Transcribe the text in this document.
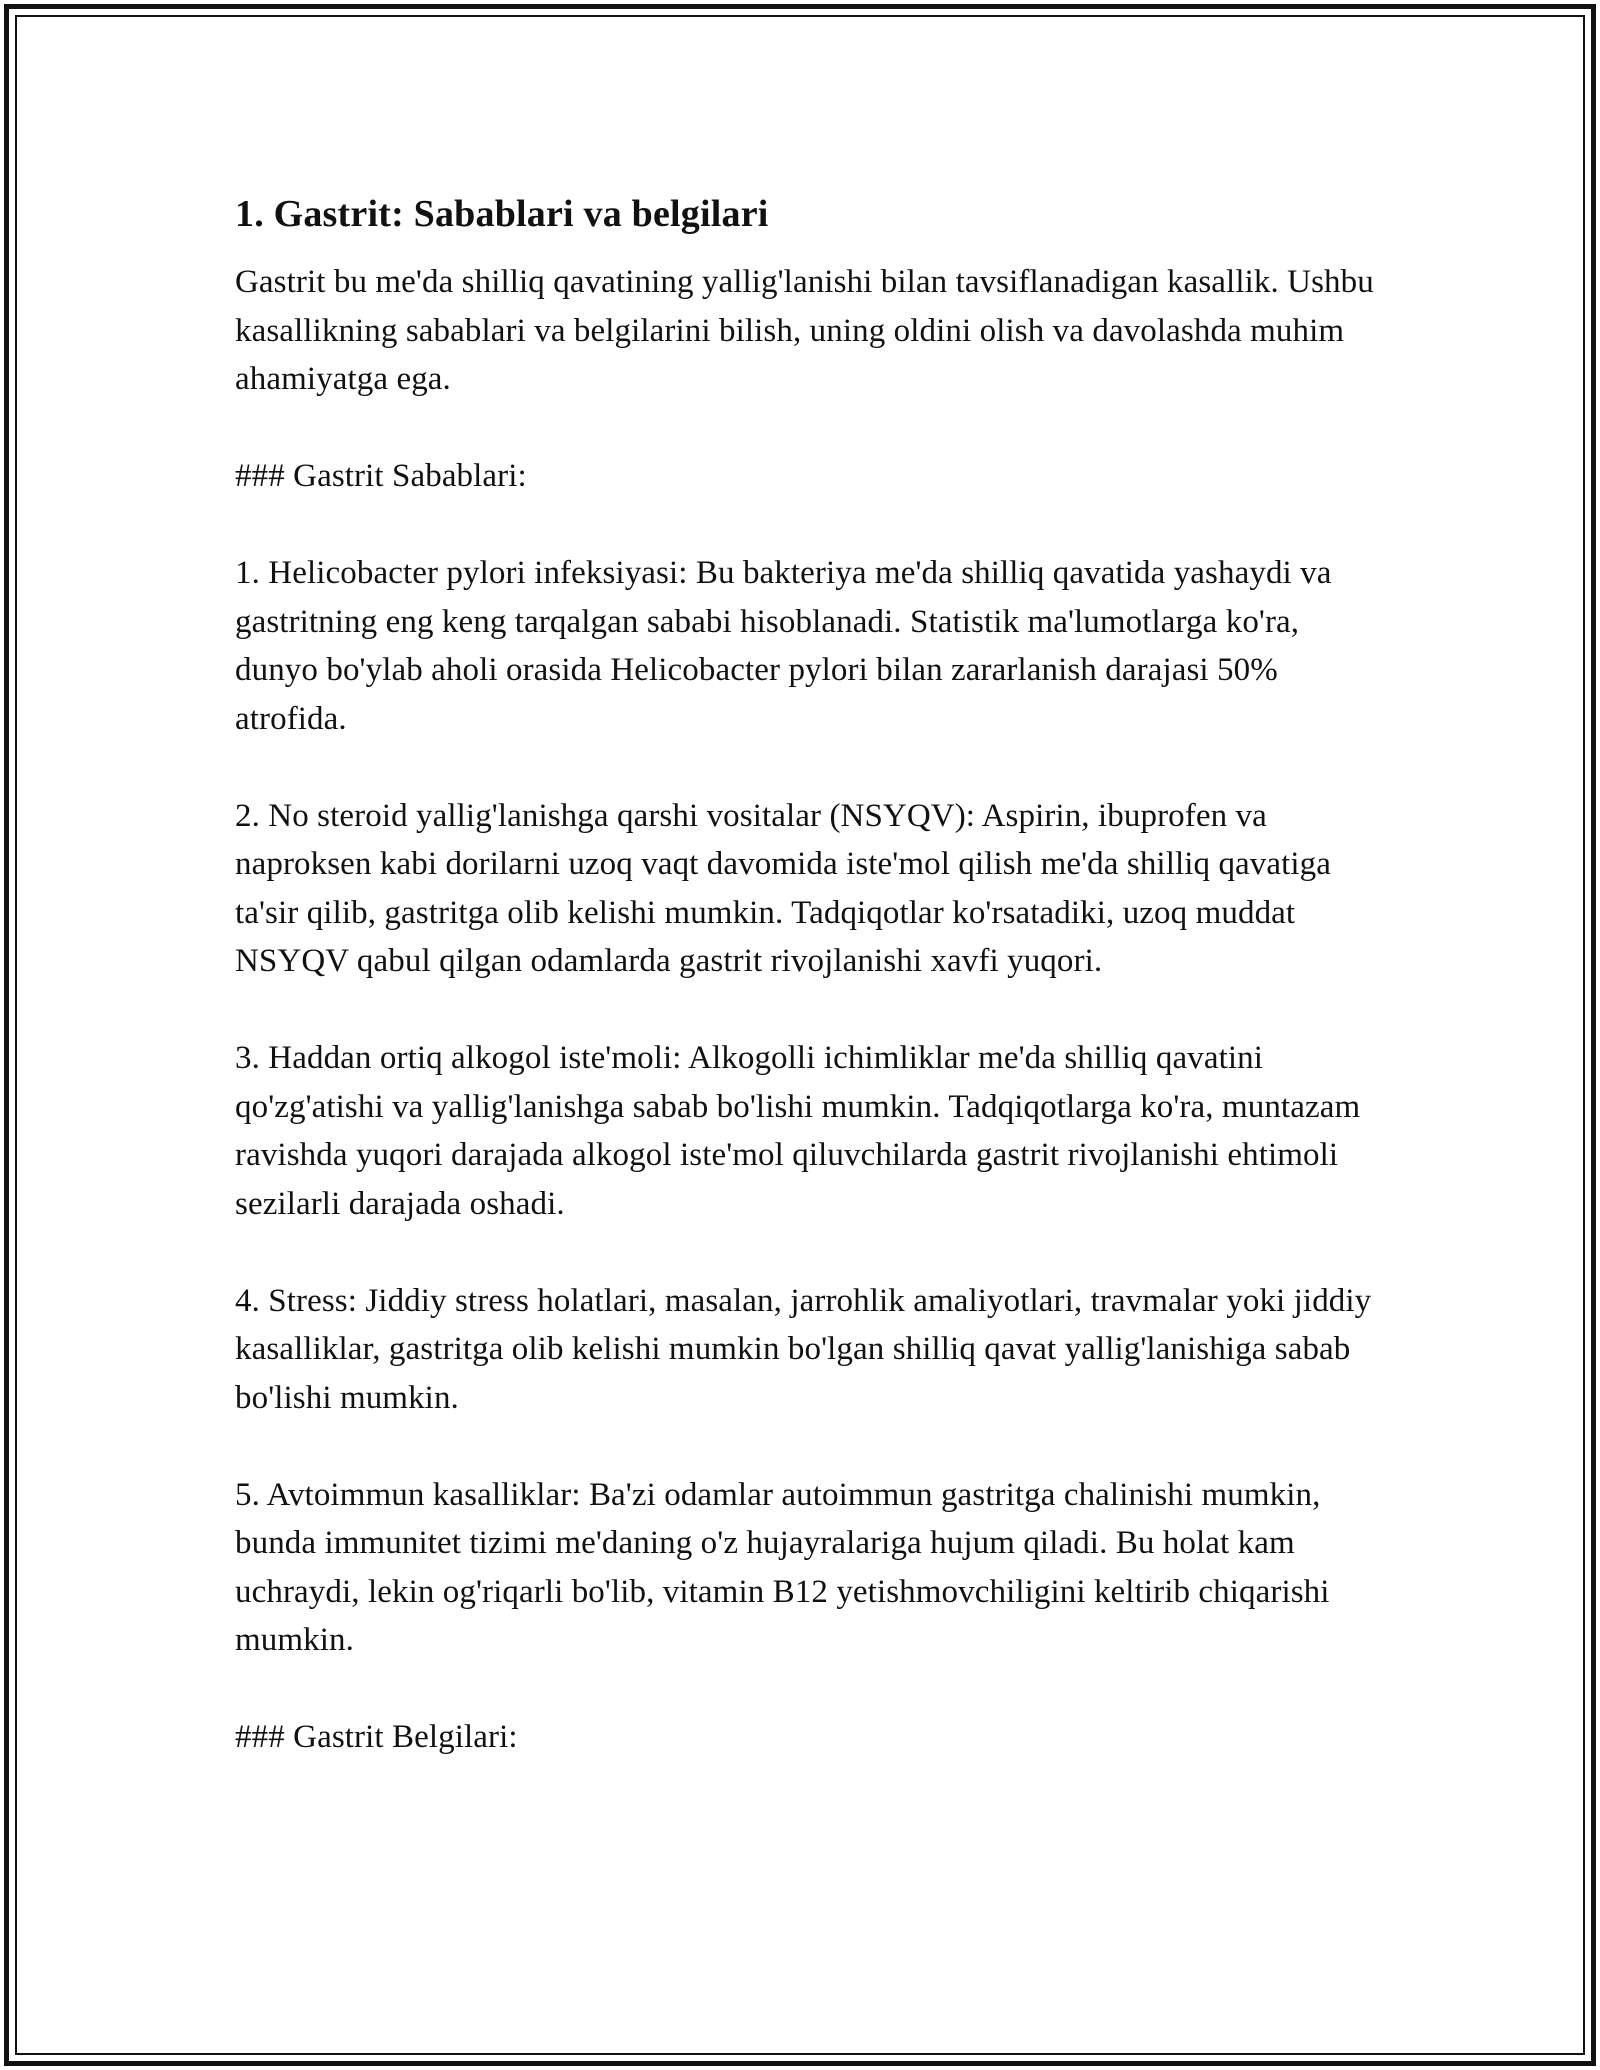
1. Gastrit: Sabablari va belgilari

Gastrit bu me'da shilliq qavatining yallig'lanishi bilan tavsiflanadigan kasallik. Ushbu kasallikning sabablari va belgilarini bilish, uning oldini olish va davolashda muhim ahamiyatga ega.

### Gastrit Sabablari:

1. Helicobacter pylori infeksiyasi: Bu bakteriya me'da shilliq qavatida yashaydi va gastritning eng keng tarqalgan sababi hisoblanadi. Statistik ma'lumotlarga ko'ra, dunyo bo'ylab aholi orasida Helicobacter pylori bilan zararlanish darajasi 50% atrofida.

2. No steroid yallig'lanishga qarshi vositalar (NSYQV): Aspirin, ibuprofen va naproksen kabi dorilarni uzoq vaqt davomida iste'mol qilish me'da shilliq qavatiga ta'sir qilib, gastritga olib kelishi mumkin. Tadqiqotlar ko'rsatadiki, uzoq muddat NSYQV qabul qilgan odamlarda gastrit rivojlanishi xavfi yuqori.

3. Haddan ortiq alkogol iste'moli: Alkogolli ichimliklar me'da shilliq qavatini qo'zg'atishi va yallig'lanishga sabab bo'lishi mumkin. Tadqiqotlarga ko'ra, muntazam ravishda yuqori darajada alkogol iste'mol qiluvchilarda gastrit rivojlanishi ehtimoli sezilarli darajada oshadi.

4. Stress: Jiddiy stress holatlari, masalan, jarrohlik amaliyotlari, travmalar yoki jiddiy kasalliklar, gastritga olib kelishi mumkin bo'lgan shilliq qavat yallig'lanishiga sabab bo'lishi mumkin.

5. Avtoimmun kasalliklar: Ba'zi odamlar autoimmun gastritga chalinishi mumkin, bunda immunitet tizimi me'daning o'z hujayralariga hujum qiladi. Bu holat kam uchraydi, lekin og'riqarli bo'lib, vitamin B12 yetishmovchiligini keltirib chiqarishi mumkin.

### Gastrit Belgilari:
